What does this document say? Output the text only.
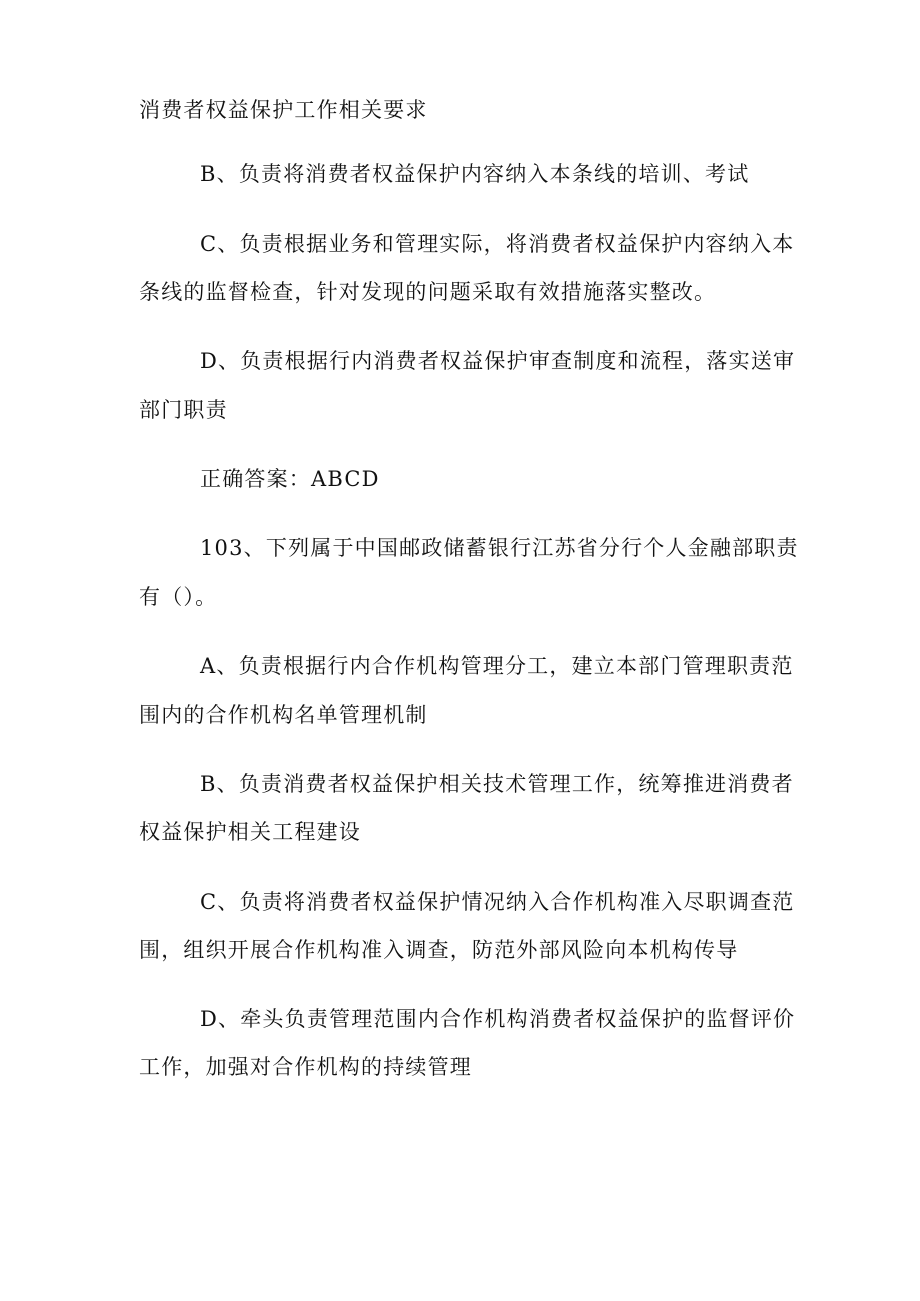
消费者权益保护工作相关要求
B、负责将消费者权益保护内容纳入本条线的培训、考试
C、负责根据业务和管理实际，将消费者权益保护内容纳入本
条线的监督检查，针对发现的问题采取有效措施落实整改。
D、负责根据行内消费者权益保护审查制度和流程，落实送审
部门职责
正确答案：ABCD
103、下列属于中国邮政储蓄银行江苏省分行个人金融部职责
有（）。
A、负责根据行内合作机构管理分工，建立本部门管理职责范
围内的合作机构名单管理机制
B、负责消费者权益保护相关技术管理工作，统筹推进消费者
权益保护相关工程建设
C、负责将消费者权益保护情况纳入合作机构准入尽职调查范
围，组织开展合作机构准入调查，防范外部风险向本机构传导
D、牵头负责管理范围内合作机构消费者权益保护的监督评价
工作，加强对合作机构的持续管理
